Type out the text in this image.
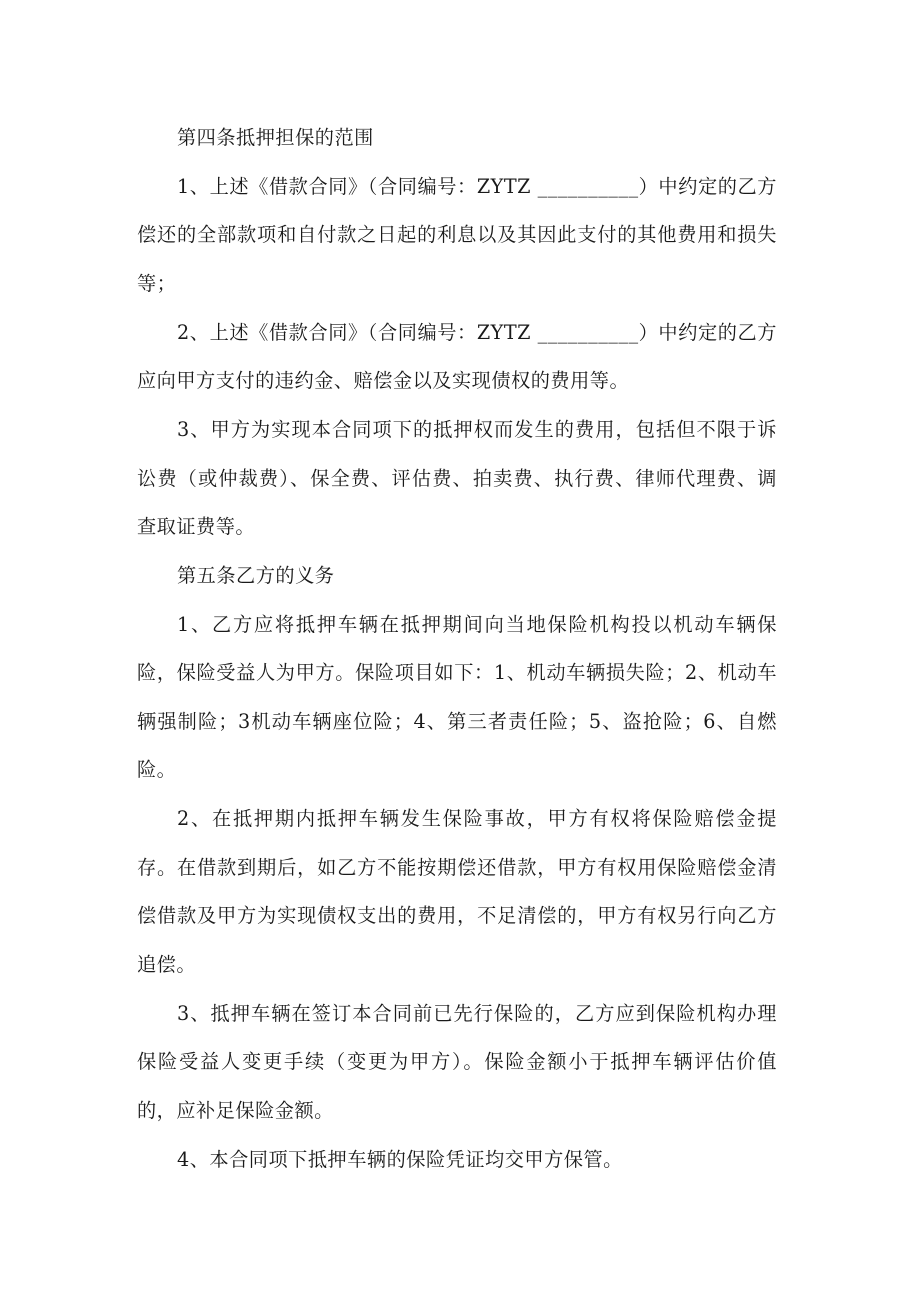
第四条抵押担保的范围

1、上述《借款合同》（合同编号：ZYTZ __________）中约定的乙方偿还的全部款项和自付款之日起的利息以及其因此支付的其他费用和损失等；

2、上述《借款合同》（合同编号：ZYTZ __________）中约定的乙方应向甲方支付的违约金、赔偿金以及实现债权的费用等。

3、甲方为实现本合同项下的抵押权而发生的费用，包括但不限于诉讼费（或仲裁费）、保全费、评估费、拍卖费、执行费、律师代理费、调查取证费等。

第五条乙方的义务

1、乙方应将抵押车辆在抵押期间向当地保险机构投以机动车辆保险，保险受益人为甲方。保险项目如下：1、机动车辆损失险；2、机动车辆强制险；3机动车辆座位险；4、第三者责任险；5、盗抢险；6、自燃险。

2、在抵押期内抵押车辆发生保险事故，甲方有权将保险赔偿金提存。在借款到期后，如乙方不能按期偿还借款，甲方有权用保险赔偿金清偿借款及甲方为实现债权支出的费用，不足清偿的，甲方有权另行向乙方追偿。

3、抵押车辆在签订本合同前已先行保险的，乙方应到保险机构办理保险受益人变更手续（变更为甲方）。保险金额小于抵押车辆评估价值的，应补足保险金额。

4、本合同项下抵押车辆的保险凭证均交甲方保管。
